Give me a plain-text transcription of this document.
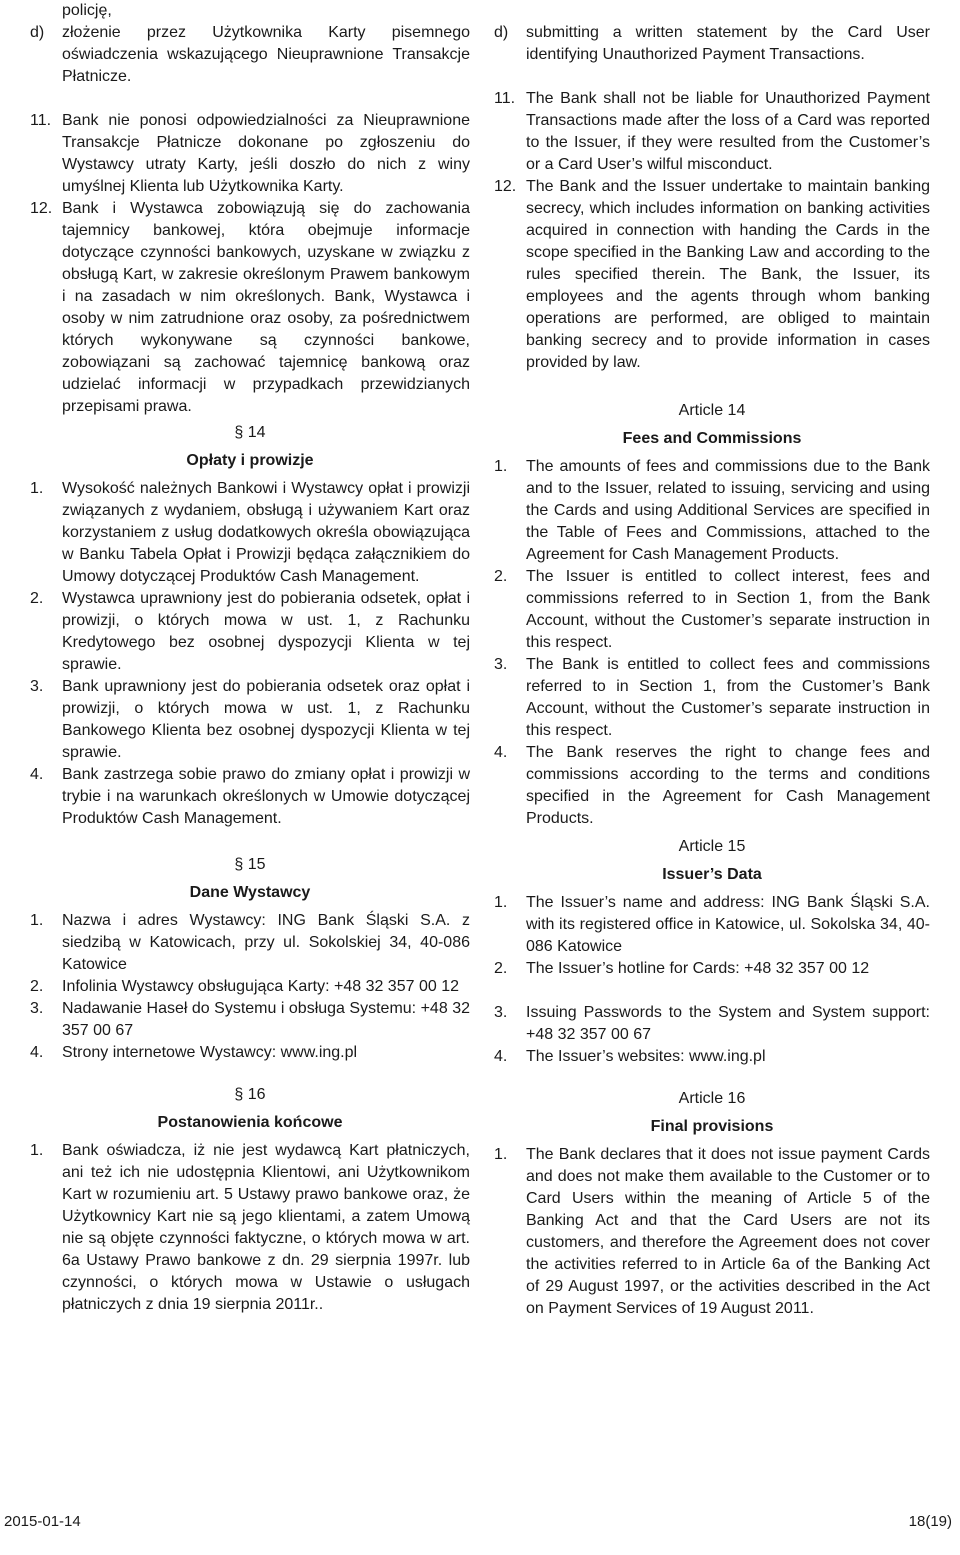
policję,

d) złożenie przez Użytkownika Karty pisemnego oświadczenia wskazującego Nieuprawnione Transakcje Płatnicze.
11. Bank nie ponosi odpowiedzialności za Nieuprawnione Transakcje Płatnicze dokonane po zgłoszeniu do Wystawcy utraty Karty, jeśli doszło do nich z winy umyślnej Klienta lub Użytkownika Karty.
12. Bank i Wystawca zobowiązują się do zachowania tajemnicy bankowej, która obejmuje informacje dotyczące czynności bankowych, uzyskane w związku z obsługą Kart, w zakresie określonym Prawem bankowym i na zasadach w nim określonych. Bank, Wystawca i osoby w nim zatrudnione oraz osoby, za pośrednictwem których wykonywane są czynności bankowe, zobowiązani są zachować tajemnicę bankową oraz udzielać informacji w przypadkach przewidzianych przepisami prawa.

§ 14

Opłaty i prowizje

1. Wysokość należnych Bankowi i Wystawcy opłat i prowizji związanych z wydaniem, obsługą i używaniem Kart oraz korzystaniem z usług dodatkowych określa obowiązująca w Banku Tabela Opłat i Prowizji będąca załącznikiem do Umowy dotyczącej Produktów Cash Management.
2. Wystawca uprawniony jest do pobierania odsetek, opłat i prowizji, o których mowa w ust. 1, z Rachunku Kredytowego bez osobnej dyspozycji Klienta w tej sprawie.
3. Bank uprawniony jest do pobierania odsetek oraz opłat i prowizji, o których mowa w ust. 1, z Rachunku Bankowego Klienta bez osobnej dyspozycji Klienta w tej sprawie.
4. Bank zastrzega sobie prawo do zmiany opłat i prowizji w trybie i na warunkach określonych w Umowie dotyczącej Produktów Cash Management.

§ 15

Dane Wystawcy

1. Nazwa i adres Wystawcy: ING Bank Śląski S.A. z siedzibą w Katowicach, przy ul. Sokolskiej 34, 40-086 Katowice
2. Infolinia Wystawcy obsługująca Karty: +48 32 357 00 12
3. Nadawanie Haseł do Systemu i obsługa Systemu: +48 32 357 00 67
4. Strony internetowe Wystawcy: www.ing.pl

§ 16

Postanowienia końcowe

1. Bank oświadcza, iż nie jest wydawcą Kart płatniczych, ani też ich nie udostępnia Klientowi, ani Użytkownikom Kart w rozumieniu art. 5 Ustawy prawo bankowe oraz, że Użytkownicy Kart nie są jego klientami, a zatem Umową nie są objęte czynności faktyczne, o których mowa w art. 6a Ustawy Prawo bankowe z dn. 29 sierpnia 1997r. lub czynności, o których mowa w Ustawie o usługach płatniczych z dnia 19 sierpnia 2011r..
d) submitting a written statement by the Card User identifying Unauthorized Payment Transactions.
11. The Bank shall not be liable for Unauthorized Payment Transactions made after the loss of a Card was reported to the Issuer, if they were resulted from the Customer’s or a Card User’s wilful misconduct.
12. The Bank and the Issuer undertake to maintain banking secrecy, which includes information on banking activities acquired in connection with handing the Cards in the scope specified in the Banking Law and according to the rules specified therein. The Bank, the Issuer, its employees and the agents through whom banking operations are performed, are obliged to maintain banking secrecy and to provide information in cases provided by law.

Article 14

Fees and Commissions

1. The amounts of fees and commissions due to the Bank and to the Issuer, related to issuing, servicing and using the Cards and using Additional Services are specified in the Table of Fees and Commissions, attached to the Agreement for Cash Management Products.
2. The Issuer is entitled to collect interest, fees and commissions referred to in Section 1, from the Bank Account, without the Customer’s separate instruction in this respect.
3. The Bank is entitled to collect fees and commissions referred to in Section 1, from the Customer’s Bank Account, without the Customer’s separate instruction in this respect.
4. The Bank reserves the right to change fees and commissions according to the terms and conditions specified in the Agreement for Cash Management Products.

Article 15

Issuer’s Data

1. The Issuer’s name and address: ING Bank Śląski S.A. with its registered office in Katowice, ul. Sokolska 34, 40-086 Katowice
2. The Issuer’s hotline for Cards: +48 32 357 00 12
3. Issuing Passwords to the System and System support: +48 32 357 00 67
4. The Issuer’s websites: www.ing.pl

Article 16

Final provisions

1. The Bank declares that it does not issue payment Cards and does not make them available to the Customer or to Card Users within the meaning of Article 5 of the Banking Act and that the Card Users are not its customers, and therefore the Agreement does not cover the activities referred to in Article 6a of the Banking Act of 29 August 1997, or the activities described in the Act on Payment Services of 19 August 2011.
2015-01-14	18(19)
